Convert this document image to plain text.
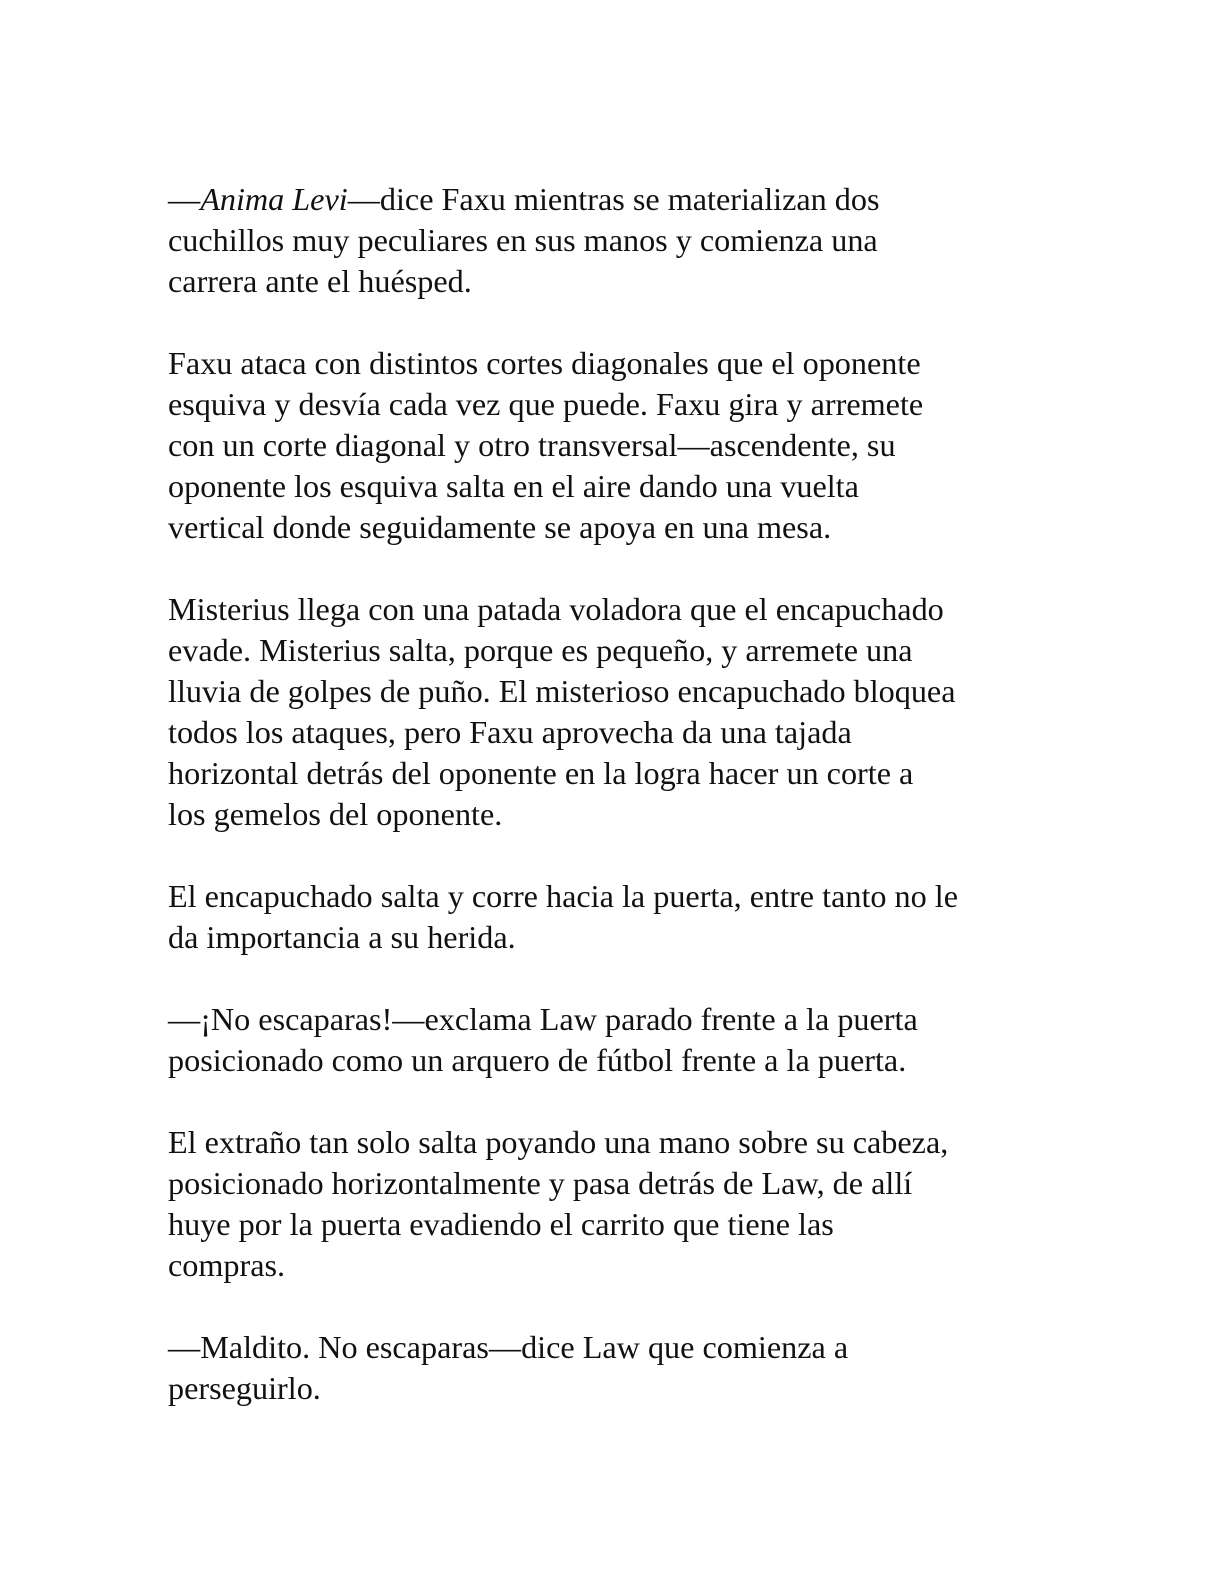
—Anima Levi—dice Faxu mientras se materializan dos
cuchillos muy peculiares en sus manos y comienza una
carrera ante el huésped.

Faxu ataca con distintos cortes diagonales que el oponente
esquiva y desvía cada vez que puede. Faxu gira y arremete
con un corte diagonal y otro transversal—ascendente, su
oponente los esquiva salta en el aire dando una vuelta
vertical donde seguidamente se apoya en una mesa.

Misterius llega con una patada voladora que el encapuchado
evade. Misterius salta, porque es pequeño, y arremete una
lluvia de golpes de puño. El misterioso encapuchado bloquea
todos los ataques, pero Faxu aprovecha da una tajada
horizontal detrás del oponente en la logra hacer un corte a
los gemelos del oponente.

El encapuchado salta y corre hacia la puerta, entre tanto no le
da importancia a su herida.

—¡No escaparas!—exclama Law parado frente a la puerta
posicionado como un arquero de fútbol frente a la puerta.

El extraño tan solo salta poyando una mano sobre su cabeza,
posicionado horizontalmente y pasa detrás de Law, de allí
huye por la puerta evadiendo el carrito que tiene las
compras.

—Maldito. No escaparas—dice Law que comienza a
perseguirlo.
